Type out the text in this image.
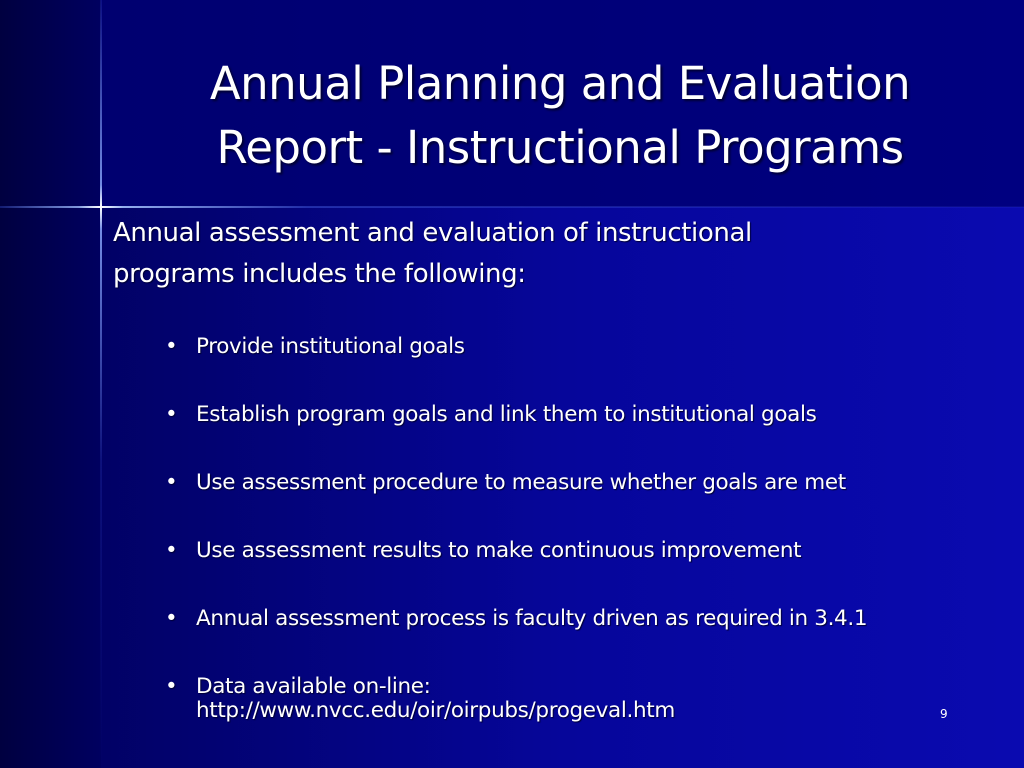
Annual Planning and Evaluation
Report - Instructional Programs
Annual assessment and evaluation of instructional
programs includes the following:
• Provide institutional goals
• Establish program goals and link them to institutional goals
• Use assessment procedure to measure whether goals are met
• Use assessment results to make continuous improvement
• Annual assessment process is faculty driven as required in 3.4.1
• Data available on-line:
http://www.nvcc.edu/oir/oirpubs/progeval.htm	9
